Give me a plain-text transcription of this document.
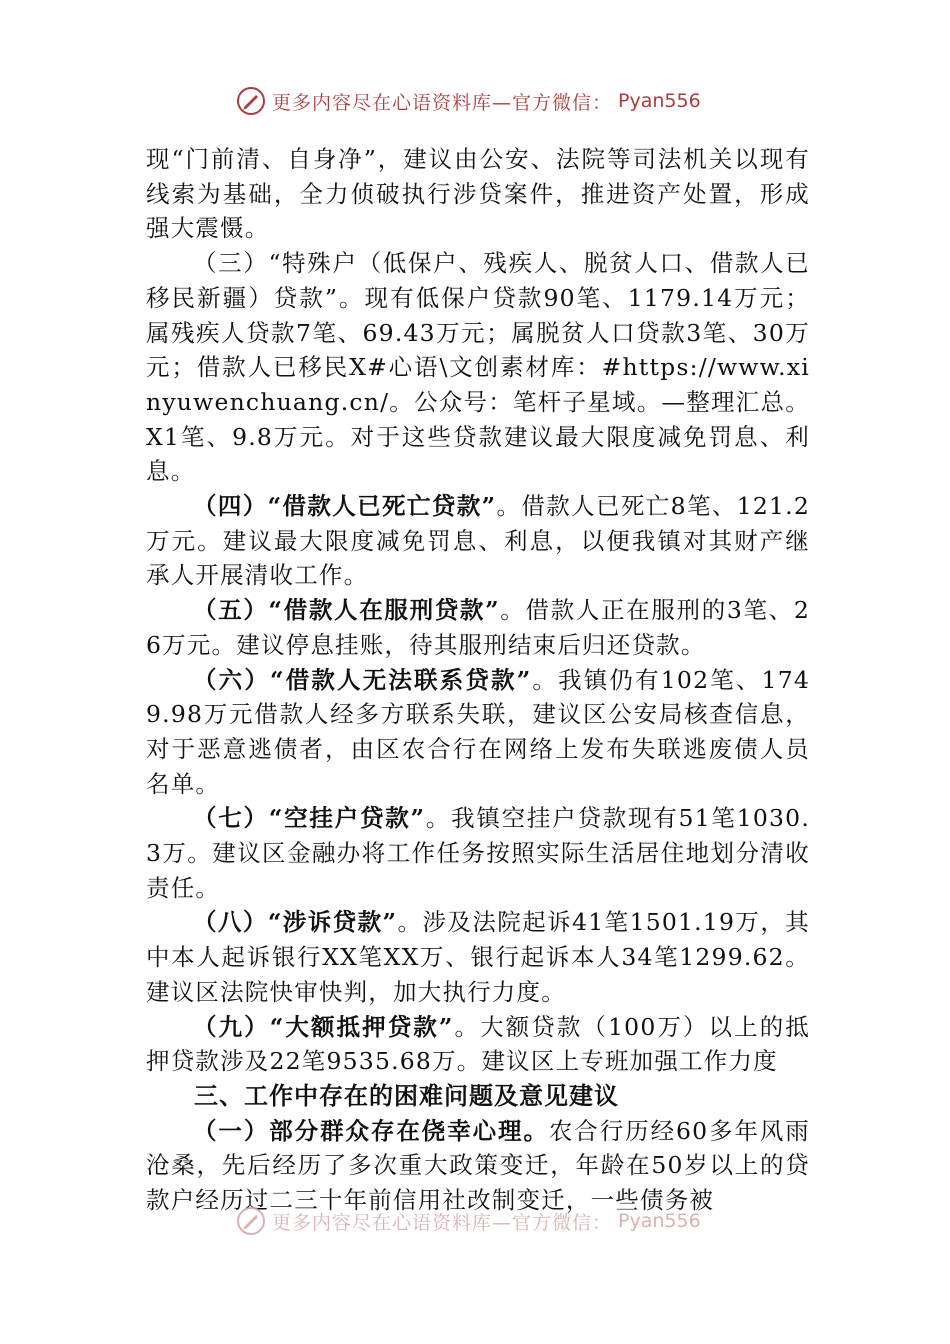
更多内容尽在心语资料库—官方微信： Pyan556

现“门前清、自身净”，建议由公安、法院等司法机关以现有线索为基础，全力侦破执行涉贷案件，推进资产处置，形成强大震慑。

（三）“特殊户（低保户、残疾人、脱贫人口、借款人已移民新疆）贷款”。现有低保户贷款90笔、1179.14万元；属残疾人贷款7笔、69.43万元；属脱贫人口贷款3笔、30万元；借款人已移民X#心语\文创素材库：#https://www.xinyuwenchuang.cn/。公众号：笔杆子星域。—整理汇总。X1笔、9.8万元。对于这些贷款建议最大限度减免罚息、利息。

（四）“借款人已死亡贷款”。借款人已死亡8笔、121.2万元。建议最大限度减免罚息、利息，以便我镇对其财产继承人开展清收工作。

（五）“借款人在服刑贷款”。借款人正在服刑的3笔、26万元。建议停息挂账，待其服刑结束后归还贷款。

（六）“借款人无法联系贷款”。我镇仍有102笔、1749.98万元借款人经多方联系失联，建议区公安局核查信息，对于恶意逃债者，由区农合行在网络上发布失联逃废债人员名单。

（七）“空挂户贷款”。我镇空挂户贷款现有51笔1030.3万。建议区金融办将工作任务按照实际生活居住地划分清收责任。

（八）“涉诉贷款”。涉及法院起诉41笔1501.19万，其中本人起诉银行XX笔XX万、银行起诉本人34笔1299.62。建议区法院快审快判，加大执行力度。

（九）“大额抵押贷款”。大额贷款（100万）以上的抵押贷款涉及22笔9535.68万。建议区上专班加强工作力度

三、工作中存在的困难问题及意见建议

（一）部分群众存在侥幸心理。农合行历经60多年风雨沧桑，先后经历了多次重大政策变迁，年龄在50岁以上的贷款户经历过二三十年前信用社改制变迁，一些债务被

更多内容尽在心语资料库—官方微信： Pyan556
